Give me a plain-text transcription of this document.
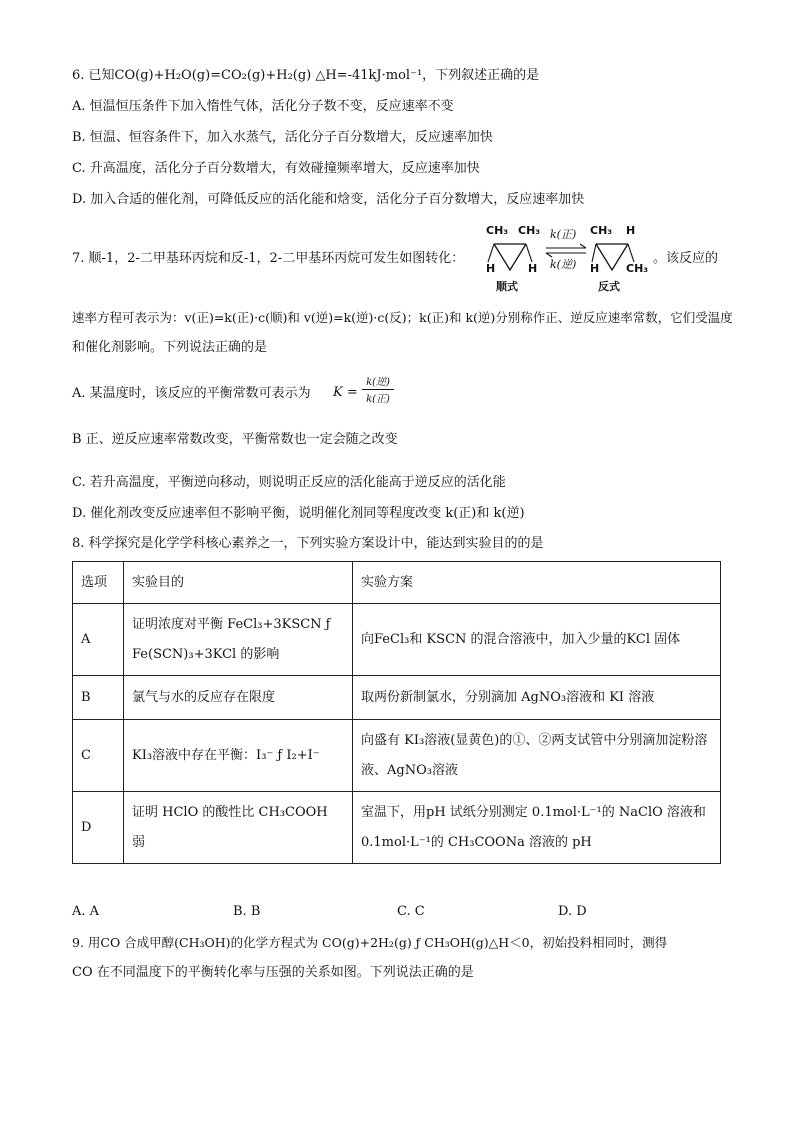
6. 已知CO(g)+H₂O(g)=CO₂(g)+H₂(g) △H=-41kJ·mol⁻¹，下列叙述正确的是
A. 恒温恒压条件下加入惰性气体，活化分子数不变，反应速率不变
B. 恒温、恒容条件下，加入水蒸气，活化分子百分数增大，反应速率加快
C. 升高温度，活化分子百分数增大，有效碰撞频率增大，反应速率加快
D. 加入合适的催化剂，可降低反应的活化能和焓变，活化分子百分数增大，反应速率加快
7. 顺-1，2-二甲基环丙烷和反-1，2-二甲基环丙烷可发生如图转化：
CH₃ CH₃
H	H
顺式
k(正)
k(逆)
CH₃ H
H CH₃
反式
。该反应的
速率方程可表示为：v(正)=k(正)·c(顺)和 v(逆)=k(逆)·c(反)；k(正)和 k(逆)分别称作正、逆反应速率常数，它们受温度
和催化剂影响。下列说法正确的是
A. 某温度时，该反应的平衡常数可表示为 K =
k(逆)
k(正)
B 正、逆反应速率常数改变，平衡常数也一定会随之改变
C. 若升高温度，平衡逆向移动，则说明正反应的活化能高于逆反应的活化能
D. 催化剂改变反应速率但不影响平衡，说明催化剂同等程度改变 k(正)和 k(逆)
8. 科学探究是化学学科核心素养之一，下列实验方案设计中，能达到实验目的的是
选项	实验目的	实验方案
A	证明浓度对平衡 FeCl₃+3KSCN ƒ Fe(SCN)₃+3KCl 的影响	向FeCl₃和 KSCN 的混合溶液中，加入少量的KCl 固体
B	氯气与水的反应存在限度	取两份新制氯水，分别滴加 AgNO₃溶液和 KI 溶液
C	KI₃溶液中存在平衡：I₃⁻ ƒ I₂+I⁻	向盛有 KI₃溶液(显黄色)的①、②两支试管中分别滴加淀粉溶液、AgNO₃溶液
D	证明 HClO 的酸性比 CH₃COOH 弱	室温下，用pH 试纸分别测定 0.1mol·L⁻¹的 NaClO 溶液和 0.1mol·L⁻¹的 CH₃COONa 溶液的 pH
A. A	B. B	C. C	D. D
9. 用CO 合成甲醇(CH₃OH)的化学方程式为 CO(g)+2H₂(g) ƒ CH₃OH(g)△H＜0，初始投料相同时，测得
CO 在不同温度下的平衡转化率与压强的关系如图。下列说法正确的是
